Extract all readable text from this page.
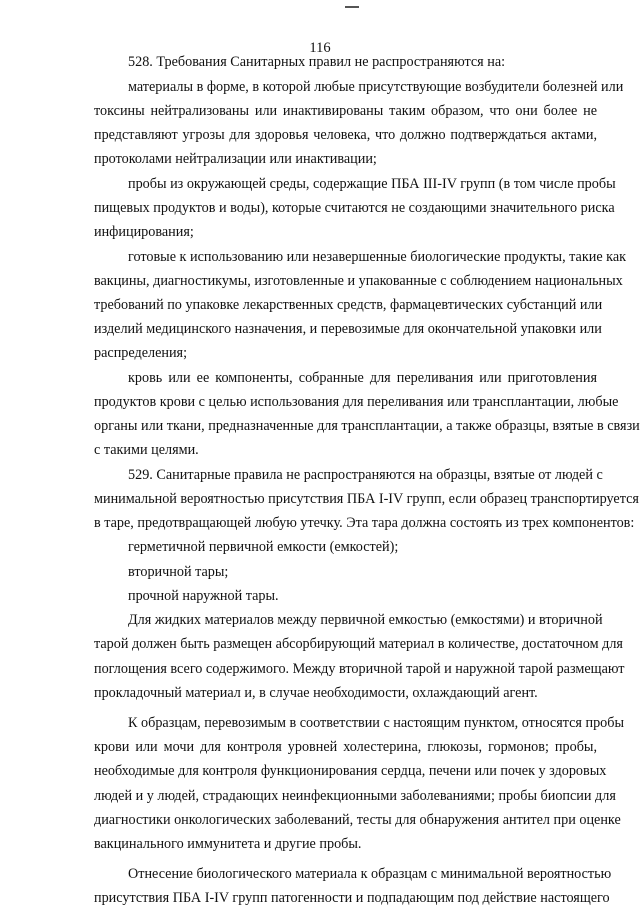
116
528. Требования Санитарных правил не распространяются на:
материалы в форме, в которой любые присутствующие возбудители болезней или
токсины нейтрализованы или инактивированы таким образом, что они более не
представляют угрозы для здоровья человека, что должно подтверждаться актами,
протоколами нейтрализации или инактивации;
пробы из окружающей среды, содержащие ПБА III-IV групп (в том числе пробы
пищевых продуктов и воды), которые считаются не создающими значительного риска
инфицирования;
готовые к использованию или незавершенные биологические продукты, такие как
вакцины, диагностикумы, изготовленные и упакованные с соблюдением национальных
требований по упаковке лекарственных средств, фармацевтических субстанций или
изделий медицинского назначения, и перевозимые для окончательной упаковки или
распределения;
кровь или ее компоненты, собранные для переливания или приготовления
продуктов крови с целью использования для переливания или трансплантации, любые
органы или ткани, предназначенные для трансплантации, а также образцы, взятые в связи
с такими целями.
529. Санитарные правила не распространяются на образцы, взятые от людей с
минимальной вероятностью присутствия ПБА I-IV групп, если образец транспортируется
в таре, предотвращающей любую утечку. Эта тара должна состоять из трех компонентов:
герметичной первичной емкости (емкостей);
вторичной тары;
прочной наружной тары.
Для жидких материалов между первичной емкостью (емкостями) и вторичной
тарой должен быть размещен абсорбирующий материал в количестве, достаточном для
поглощения всего содержимого. Между вторичной тарой и наружной тарой размещают
прокладочный материал и, в случае необходимости, охлаждающий агент.
К образцам, перевозимым в соответствии с настоящим пунктом, относятся пробы
крови или мочи для контроля уровней холестерина, глюкозы, гормонов; пробы,
необходимые для контроля функционирования сердца, печени или почек у здоровых
людей и у людей, страдающих неинфекционными заболеваниями; пробы биопсии для
диагностики онкологических заболеваний, тесты для обнаружения антител при оценке
вакцинального иммунитета и другие пробы.
Отнесение биологического материала к образцам с минимальной вероятностью
присутствия ПБА I-IV групп патогенности и подпадающим под действие настоящего
